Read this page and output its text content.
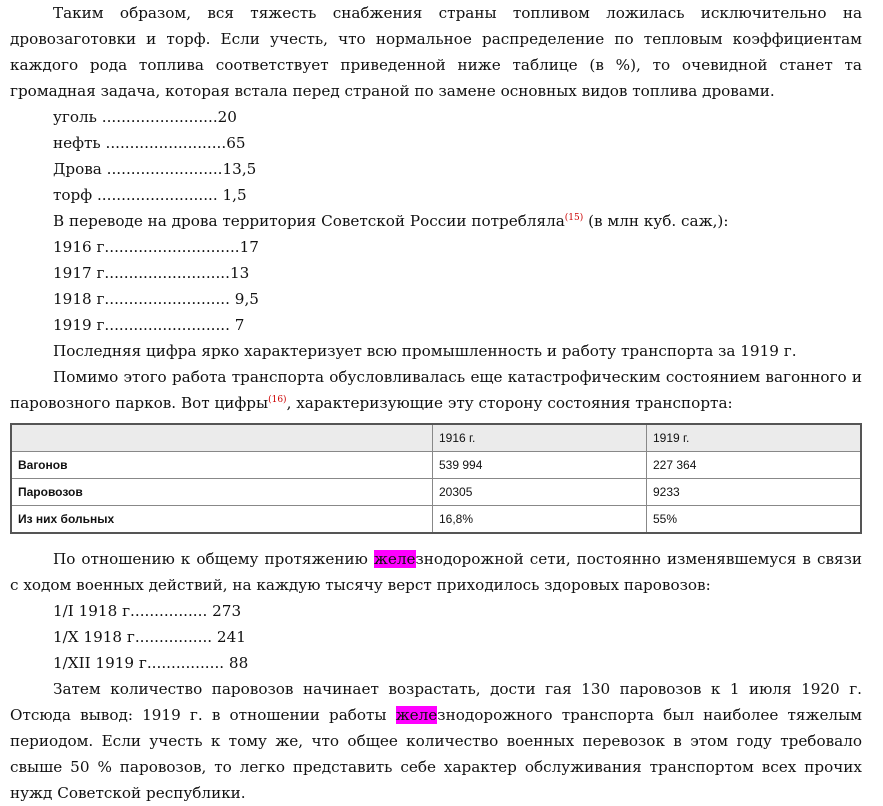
Таким образом, вся тяжесть снабжения страны топливом ложилась исключительно на дровозаготовки и торф. Если учесть, что нормальное распределение по тепловым коэффициентам каждого рода топлива соответствует приведенной ниже таблице (в %), то очевидной станет та громадная задача, которая встала перед страной по замене основных видов топлива дровами.

уголь ........................20

нефть .........................65

Дрова ........................13,5

торф ......................... 1,5

В переводе на дрова территория Советской России потребляла$^{(15)}$ (в млн куб. саж,):

1916 г............................17

1917 г..........................13

1918 г.......................... 9,5

1919 г.......................... 7

Последняя цифра ярко характеризует всю промышленность и работу транспорта за 1919 г.

Помимо этого работа транспорта обусловливалась еще катастрофическим состоянием вагонного и паровозного парков. Вот цифры$^{(16)}$, характеризующие эту сторону состояния транспорта:

	1916 г.	1919 г.
Вагонов	539 994	227 364
Паровозов	20305	9233
Из них больных	16,8%	55%

По отношению к общему протяжению железнодорожной сети, постоянно изменявшемуся в связи с ходом военных действий, на каждую тысячу верст приходилось здоровых паровозов:

1/I 1918 г................ 273

1/X 1918 г................ 241

1/XII 1919 г................ 88

Затем количество паровозов начинает возрастать, дости гая 130 паровозов к 1 июля 1920 г. Отсюда вывод: 1919 г. в отношении работы железнодорожного транспорта был наиболее тяжелым периодом. Если учесть к тому же, что общее количество военных перевозок в этом году требовало свыше 50 % паровозов, то легко представить себе характер обслуживания транспортом всех прочих нужд Советской республики.
